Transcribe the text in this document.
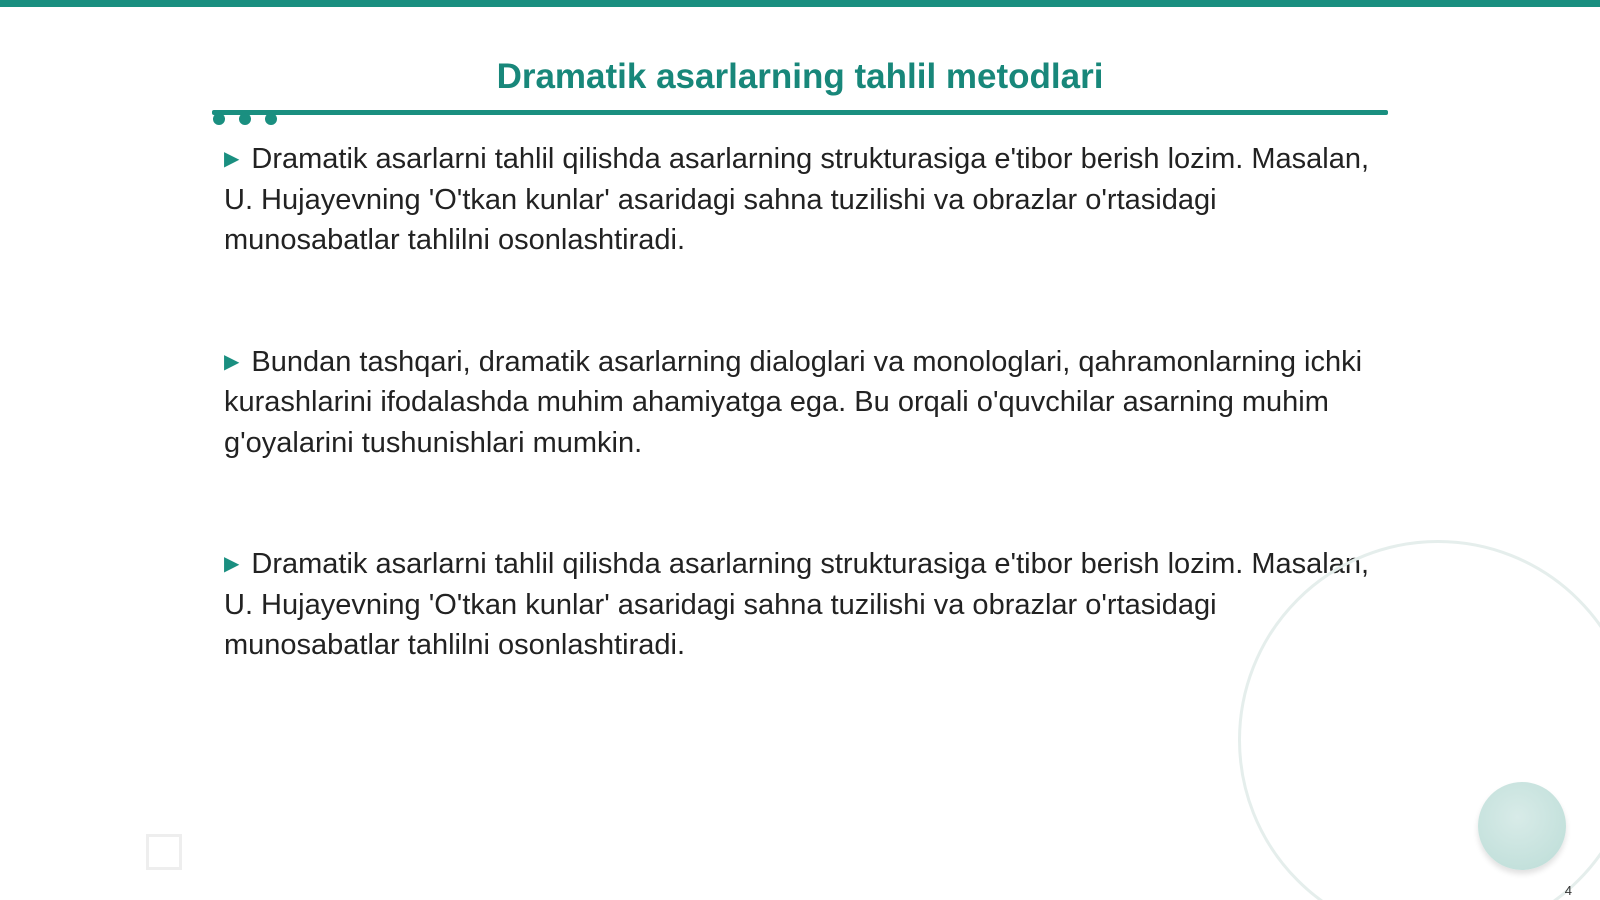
Dramatik asarlarning tahlil metodlari

▶ Dramatik asarlarni tahlil qilishda asarlarning strukturasiga e'tibor berish lozim. Masalan, U. Hujayevning 'O'tkan kunlar' asaridagi sahna tuzilishi va obrazlar o'rtasidagi munosabatlar tahlilni osonlashtiradi.

▶ Bundan tashqari, dramatik asarlarning dialoglari va monologlari, qahramonlarning ichki kurashlarini ifodalashda muhim ahamiyatga ega. Bu orqali o'quvchilar asarning muhim g'oyalarini tushunishlari mumkin.

▶ Dramatik asarlarni tahlil qilishda asarlarning strukturasiga e'tibor berish lozim. Masalan, U. Hujayevning 'O'tkan kunlar' asaridagi sahna tuzilishi va obrazlar o'rtasidagi munosabatlar tahlilni osonlashtiradi.

4
